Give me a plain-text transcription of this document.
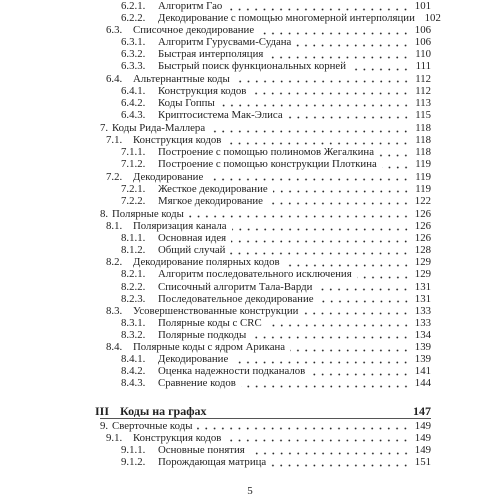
6.2.1.	Алгоритм Гао	101
6.2.2.	Декодирование с помощью многомерной интерполяции 102
6.3. Списочное декодирование	106
6.3.1.	Алгоритм Гурусвами-Судана	106
6.3.2.	Быстрая интерполяция	110
6.3.3.	Быстрый поиск функциональных корней	111
6.4. Альтернантные коды	112
6.4.1.	Конструкция кодов	112
6.4.2.	Коды Гоппы	113
6.4.3.	Криптосистема Мак-Элиса	115
7. Коды Рида-Маллера	118
7.1. Конструкция кодов	118
7.1.1.	Построение с помощью полиномов Жегалкина	118
7.1.2.	Построение с помощью конструкции Плоткина	119
7.2. Декодирование	119
7.2.1.	Жесткое декодирование	119
7.2.2.	Мягкое декодирование	122
8. Полярные коды	126
8.1. Поляризация канала	126
8.1.1.	Основная идея	126
8.1.2.	Общий случай	128
8.2. Декодирование полярных кодов	129
8.2.1.	Алгоритм последовательного исключения	129
8.2.2.	Списочный алгоритм Тала-Варди	131
8.2.3.	Последовательное декодирование	131
8.3. Усовершенствованные конструкции	133
8.3.1.	Полярные коды с CRC	133
8.3.2.	Полярные подкоды	134
8.4. Полярные коды с ядром Арикана	139
8.4.1.	Декодирование	139
8.4.2.	Оценка надежности подканалов	141
8.4.3.	Сравнение кодов	144
III Коды на графах	147
9. Сверточные коды	149
9.1. Конструкция кодов	149
9.1.1.	Основные понятия	149
9.1.2.	Порождающая матрица	151
5
